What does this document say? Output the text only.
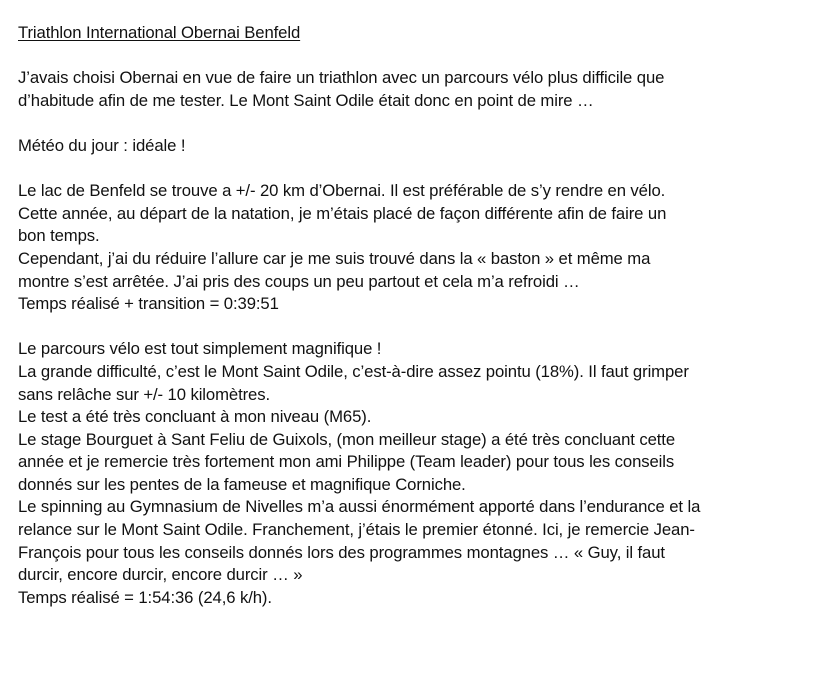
Triathlon International Obernai Benfeld
J’avais choisi Obernai en vue de faire un triathlon avec un parcours vélo plus difficile que
d’habitude afin de me tester. Le Mont Saint Odile était donc en point de mire …
Météo du jour : idéale !
Le lac de Benfeld se trouve a +/- 20 km d’Obernai. Il est préférable de s’y rendre en vélo.
Cette année, au départ de la natation, je m’étais placé de façon différente afin de faire un
bon temps.
Cependant, j’ai du réduire l’allure car je me suis trouvé dans la « baston » et même ma
montre s’est arrêtée. J’ai pris des coups un peu partout et cela m’a refroidi …
Temps réalisé + transition = 0:39:51
Le parcours vélo est tout simplement magnifique !
La grande difficulté, c’est le Mont Saint Odile, c’est-à-dire assez pointu (18%). Il faut grimper
sans relâche sur +/- 10 kilomètres.
Le test a été très concluant à mon niveau (M65).
Le stage Bourguet à Sant Feliu de Guixols, (mon meilleur stage) a été très concluant cette
année et je remercie très fortement mon ami Philippe (Team leader) pour tous les conseils
donnés sur les pentes de la fameuse et magnifique Corniche.
Le spinning au Gymnasium de Nivelles m’a aussi énormément apporté dans l’endurance et la
relance sur le Mont Saint Odile. Franchement, j’étais le premier étonné. Ici, je remercie Jean-
François pour tous les conseils donnés lors des programmes montagnes … « Guy, il faut
durcir, encore durcir, encore durcir … »
Temps réalisé = 1:54:36 (24,6 k/h).
